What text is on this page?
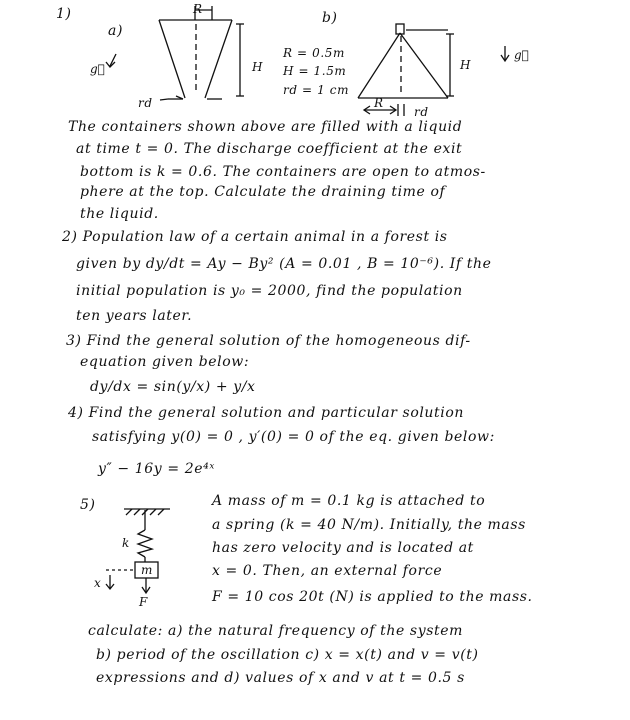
1)
a)
R
H
rd
g⃗
b)
R
H
rd
g⃗
R = 0.5m
H = 1.5m
rd = 1 cm
The containers shown above are filled with a liquid
at time t = 0. The discharge coefficient at the exit
bottom is k = 0.6. The containers are open to atmos-
phere at the top. Calculate the draining time of
the liquid.
2) Population law of a certain animal in a forest is
given by dy/dt = Ay − By² (A = 0.01 , B = 10⁻⁶). If the
initial population is y₀ = 2000, find the population
ten years later.
3) Find the general solution of the homogeneous dif-
equation given below:
dy/dx = sin(y/x) + y/x
4) Find the general solution and particular solution
satisfying y(0) = 0 , y′(0) = 0 of the eq. given below:
y″ − 16y = 2e⁴ˣ
5)
k
m
x
F
A mass of m = 0.1 kg is attached to
a spring (k = 40 N/m). Initially, the mass
has zero velocity and is located at
x = 0. Then, an external force
F = 10 cos 20t (N) is applied to the mass.
calculate: a) the natural frequency of the system
b) period of the oscillation c) x = x(t) and v = v(t)
expressions and d) values of x and v at t = 0.5 s
